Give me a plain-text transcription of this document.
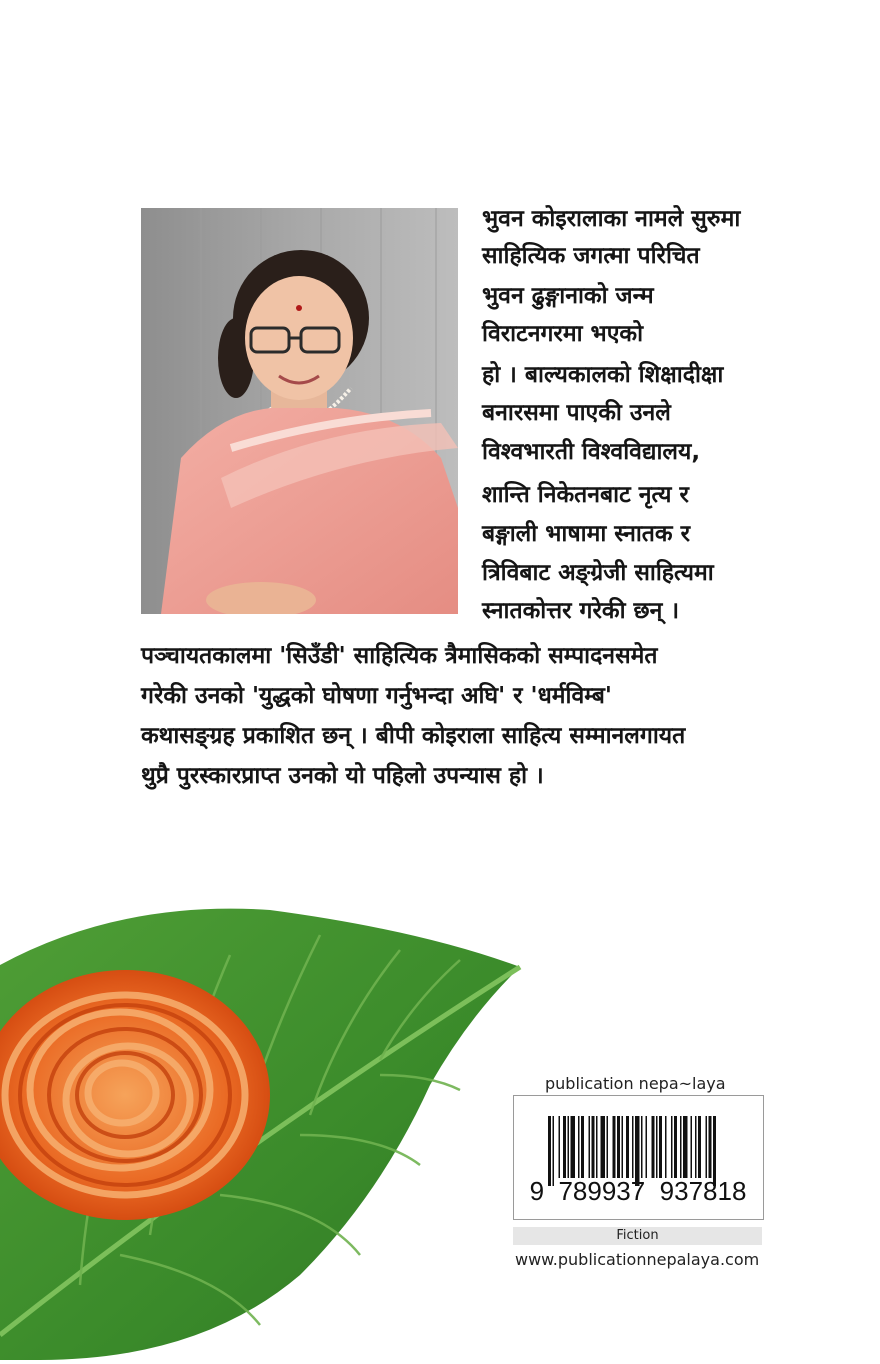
भुवन कोइरालाका नामले सुरुमा
साहित्यिक जगत्मा परिचित
भुवन ढुङ्गानाको जन्म
विराटनगरमा भएको
हो । बाल्यकालको शिक्षादीक्षा
बनारसमा पाएकी उनले
विश्वभारती विश्वविद्यालय,
शान्ति निकेतनबाट नृत्य र
बङ्गाली भाषामा स्नातक र
त्रिविबाट अङ्ग्रेजी साहित्यमा
स्नातकोत्तर गरेकी छन् ।
पञ्चायतकालमा 'सिउँडी' साहित्यिक त्रैमासिकको सम्पादनसमेत
गरेकी उनको 'युद्धको घोषणा गर्नुभन्दा अघि' र 'धर्मविम्ब'
कथासङ्ग्रह प्रकाशित छन् । बीपी कोइराला साहित्य सम्मानलगायत
थुप्रै पुरस्कारप्राप्त उनको यो पहिलो उपन्यास हो ।
publication nepa~laya
9  789937  937818
Fiction
www.publicationnepalaya.com
